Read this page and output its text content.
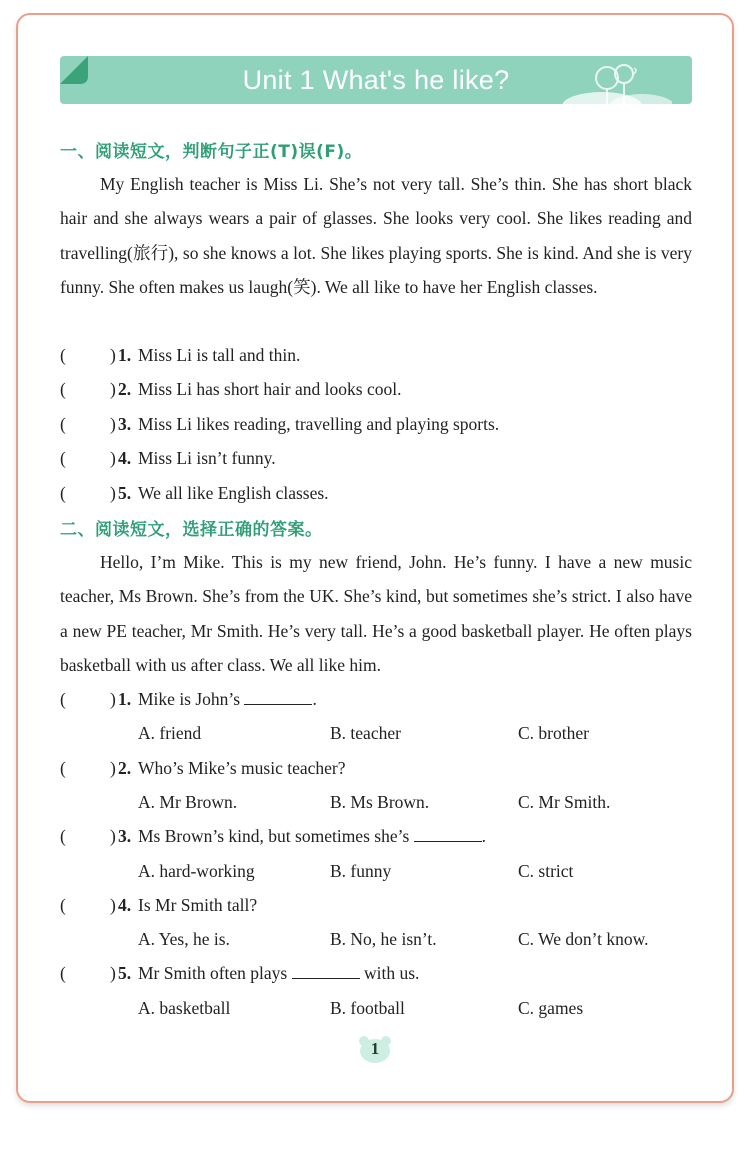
Unit 1 What's he like?
一、阅读短文，判断句子正(T)误(F)。
My English teacher is Miss Li. She’s not very tall. She’s thin. She has short black hair and she always wears a pair of glasses. She looks very cool. She likes reading and travelling(旅行), so she knows a lot. She likes playing sports. She is kind. And she is very funny. She often makes us laugh(笑). We all like to have her English classes.
(	) 1. Miss Li is tall and thin.
(	) 2. Miss Li has short hair and looks cool.
(	) 3. Miss Li likes reading, travelling and playing sports.
(	) 4. Miss Li isn’t funny.
(	) 5. We all like English classes.
二、阅读短文，选择正确的答案。
Hello, I’m Mike. This is my new friend, John. He’s funny. I have a new music teacher, Ms Brown. She’s from the UK. She’s kind, but sometimes she’s strict. I also have a new PE teacher, Mr Smith. He’s very tall. He’s a good basketball player. He often plays basketball with us after class. We all like him.
(	) 1. Mike is John’s	.
A. friend	B. teacher	C. brother
(	) 2. Who’s Mike’s music teacher?
A. Mr Brown.	B. Ms Brown.	C. Mr Smith.
(	) 3. Ms Brown’s kind, but sometimes she’s	.
A. hard-working	B. funny	C. strict
(	) 4. Is Mr Smith tall?
A. Yes, he is.	B. No, he isn’t.	C. We don’t know.
(	) 5. Mr Smith often plays	with us.
A. basketball	B. football	C. games
1
